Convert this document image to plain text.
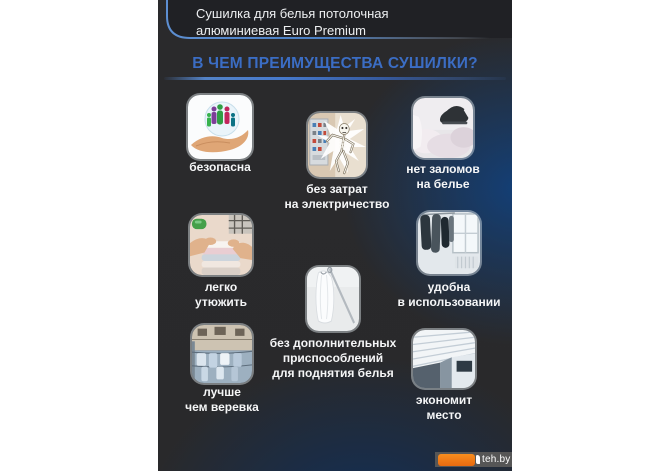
Сушилка для белья потолочная
алюминиевая Euro Premium
В ЧЕМ ПРЕИМУЩЕСТВА СУШИЛКИ?
безопасна
без затрат
на электричество
нет заломов
на белье
легко
утюжить
удобна
в использовании
без дополнительных
приспособлений
для поднятия белья
лучше
чем веревка	экономит
место
teh.by
